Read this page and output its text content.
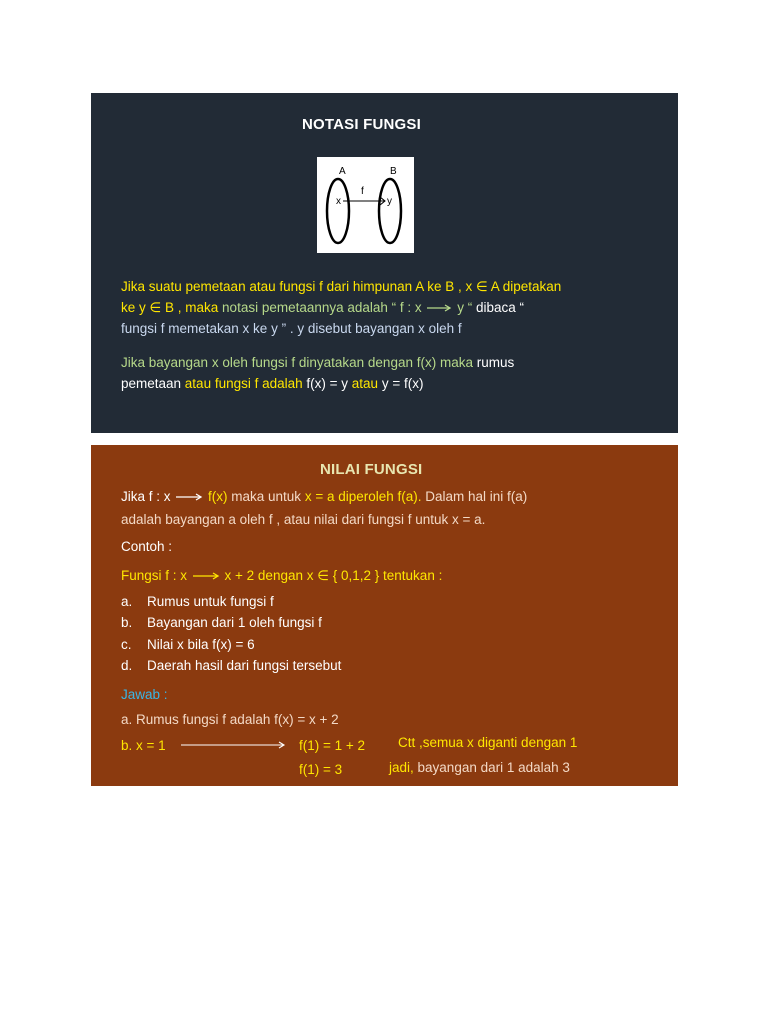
NOTASI FUNGSI
A	B
x
f
y
Jika suatu pemetaan atau fungsi f dari himpunan A ke B , x ∈ A dipetakan
ke y ∈ B , maka notasi pemetaannya adalah “ f : x  y “ dibaca “
fungsi f memetakan x ke y ” . y disebut bayangan x oleh f
Jika bayangan x oleh fungsi f dinyatakan dengan f(x) maka rumus
pemetaan atau fungsi f adalah f(x) = y atau y = f(x)
NILAI FUNGSI
Jika f : x  f(x) maka untuk x = a diperoleh f(a). Dalam hal ini f(a)
adalah bayangan a oleh f , atau nilai dari fungsi f untuk x = a.
Contoh :
Fungsi f : x  x + 2 dengan x ∈ { 0,1,2 } tentukan :
a. Rumus untuk fungsi f
b. Bayangan dari 1 oleh fungsi f
c. Nilai x bila f(x) = 6
d. Daerah hasil dari fungsi tersebut
Jawab :
a. Rumus fungsi f adalah f(x) = x + 2
b. x = 1	f(1) = 1 + 2
f(1) = 3
Ctt ,semua x diganti dengan 1
jadi, bayangan dari 1 adalah 3
